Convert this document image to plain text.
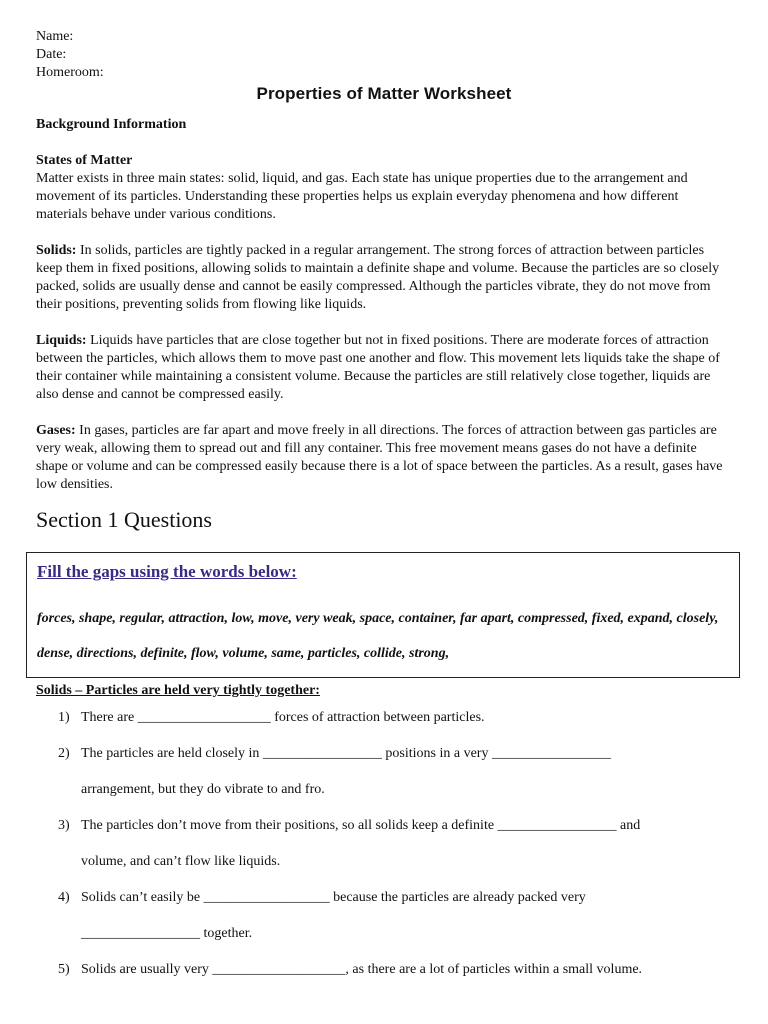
Name:
Date:
Homeroom:
Properties of Matter Worksheet
Background Information
States of Matter

Matter exists in three main states: solid, liquid, and gas. Each state has unique properties due to the arrangement and movement of its particles. Understanding these properties helps us explain everyday phenomena and how different materials behave under various conditions.

Solids: In solids, particles are tightly packed in a regular arrangement. The strong forces of attraction between particles keep them in fixed positions, allowing solids to maintain a definite shape and volume. Because the particles are so closely packed, solids are usually dense and cannot be easily compressed. Although the particles vibrate, they do not move from their positions, preventing solids from flowing like liquids.

Liquids: Liquids have particles that are close together but not in fixed positions. There are moderate forces of attraction between the particles, which allows them to move past one another and flow. This movement lets liquids take the shape of their container while maintaining a consistent volume. Because the particles are still relatively close together, liquids are also dense and cannot be compressed easily.

Gases: In gases, particles are far apart and move freely in all directions. The forces of attraction between gas particles are very weak, allowing them to spread out and fill any container. This free movement means gases do not have a definite shape or volume and can be compressed easily because there is a lot of space between the particles. As a result, gases have low densities.

Section 1 Questions
Fill the gaps using the words below:

forces, shape, regular, attraction, low, move, very weak, space, container, far apart, compressed, fixed, expand, closely, dense, directions, definite, flow, volume, same, particles, collide, strong,

Solids – Particles are held very tightly together:
1) There are ___________________ forces of attraction between particles.
2) The particles are held closely in _________________ positions in a very _________________
arrangement, but they do vibrate to and fro.
3) The particles don’t move from their positions, so all solids keep a definite _________________ and
volume, and can’t flow like liquids.
4) Solids can’t easily be __________________ because the particles are already packed very
_________________ together.
5) Solids are usually very ___________________, as there are a lot of particles within a small volume.
